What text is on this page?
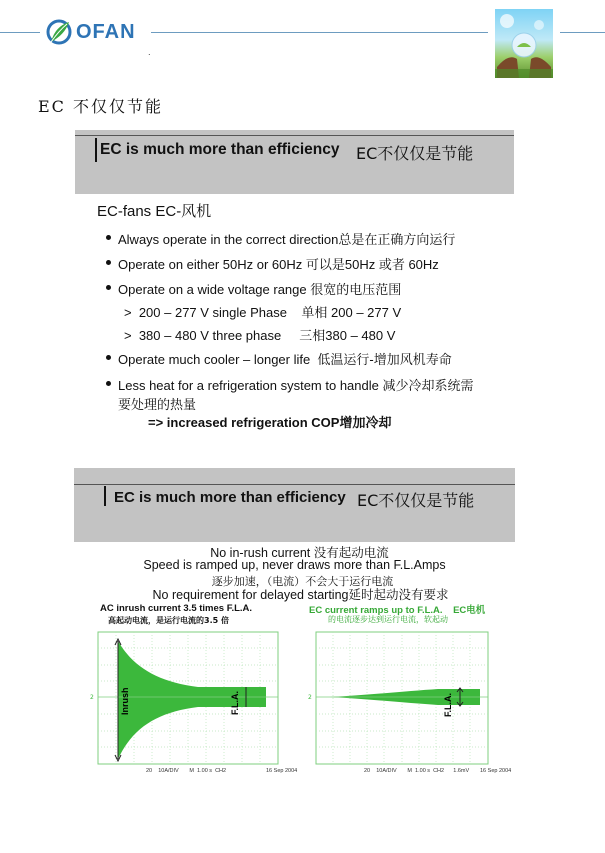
OFAN
.
EC 不仅仅节能
EC is much more than efficiency EC不仅仅是节能
EC-fans EC-风机
Always operate in the correct direction总是在正确方向运行
Operate on either 50Hz or 60Hz 可以是50Hz 或者 60Hz
Operate on a wide voltage range 很宽的电压范围
>  200 – 277 V single Phase    单相 200 – 277 V
>  380 – 480 V three phase     三相380 – 480 V
Operate much cooler – longer life  低温运行-增加风机寿命
Less heat for a refrigeration system to handle 减少冷却系统需
要处理的热量
=> increased refrigeration COP增加冷却
EC is much more than efficiency EC不仅仅是节能
No in-rush current 没有起动电流
Speed is ramped up, never draws more than F.L.Amps
逐步加速，（电流）不会大于运行电流
No requirement for delayed starting延时起动没有要求
AC inrush current 3.5 times F.L.A.
高起动电流，是运行电流的3.5 倍
EC current ramps up to F.L.A.    EC电机
的电流逐步达到运行电流，软起动
Inrush	F.L.A.
2
20    10A/DIV       M  1.00 s  CH2	16 Sep 2004
F.L.A.
2
20    10A/DIV       M  1.00 s  CH2      1.6mV 16 Sep 2004
